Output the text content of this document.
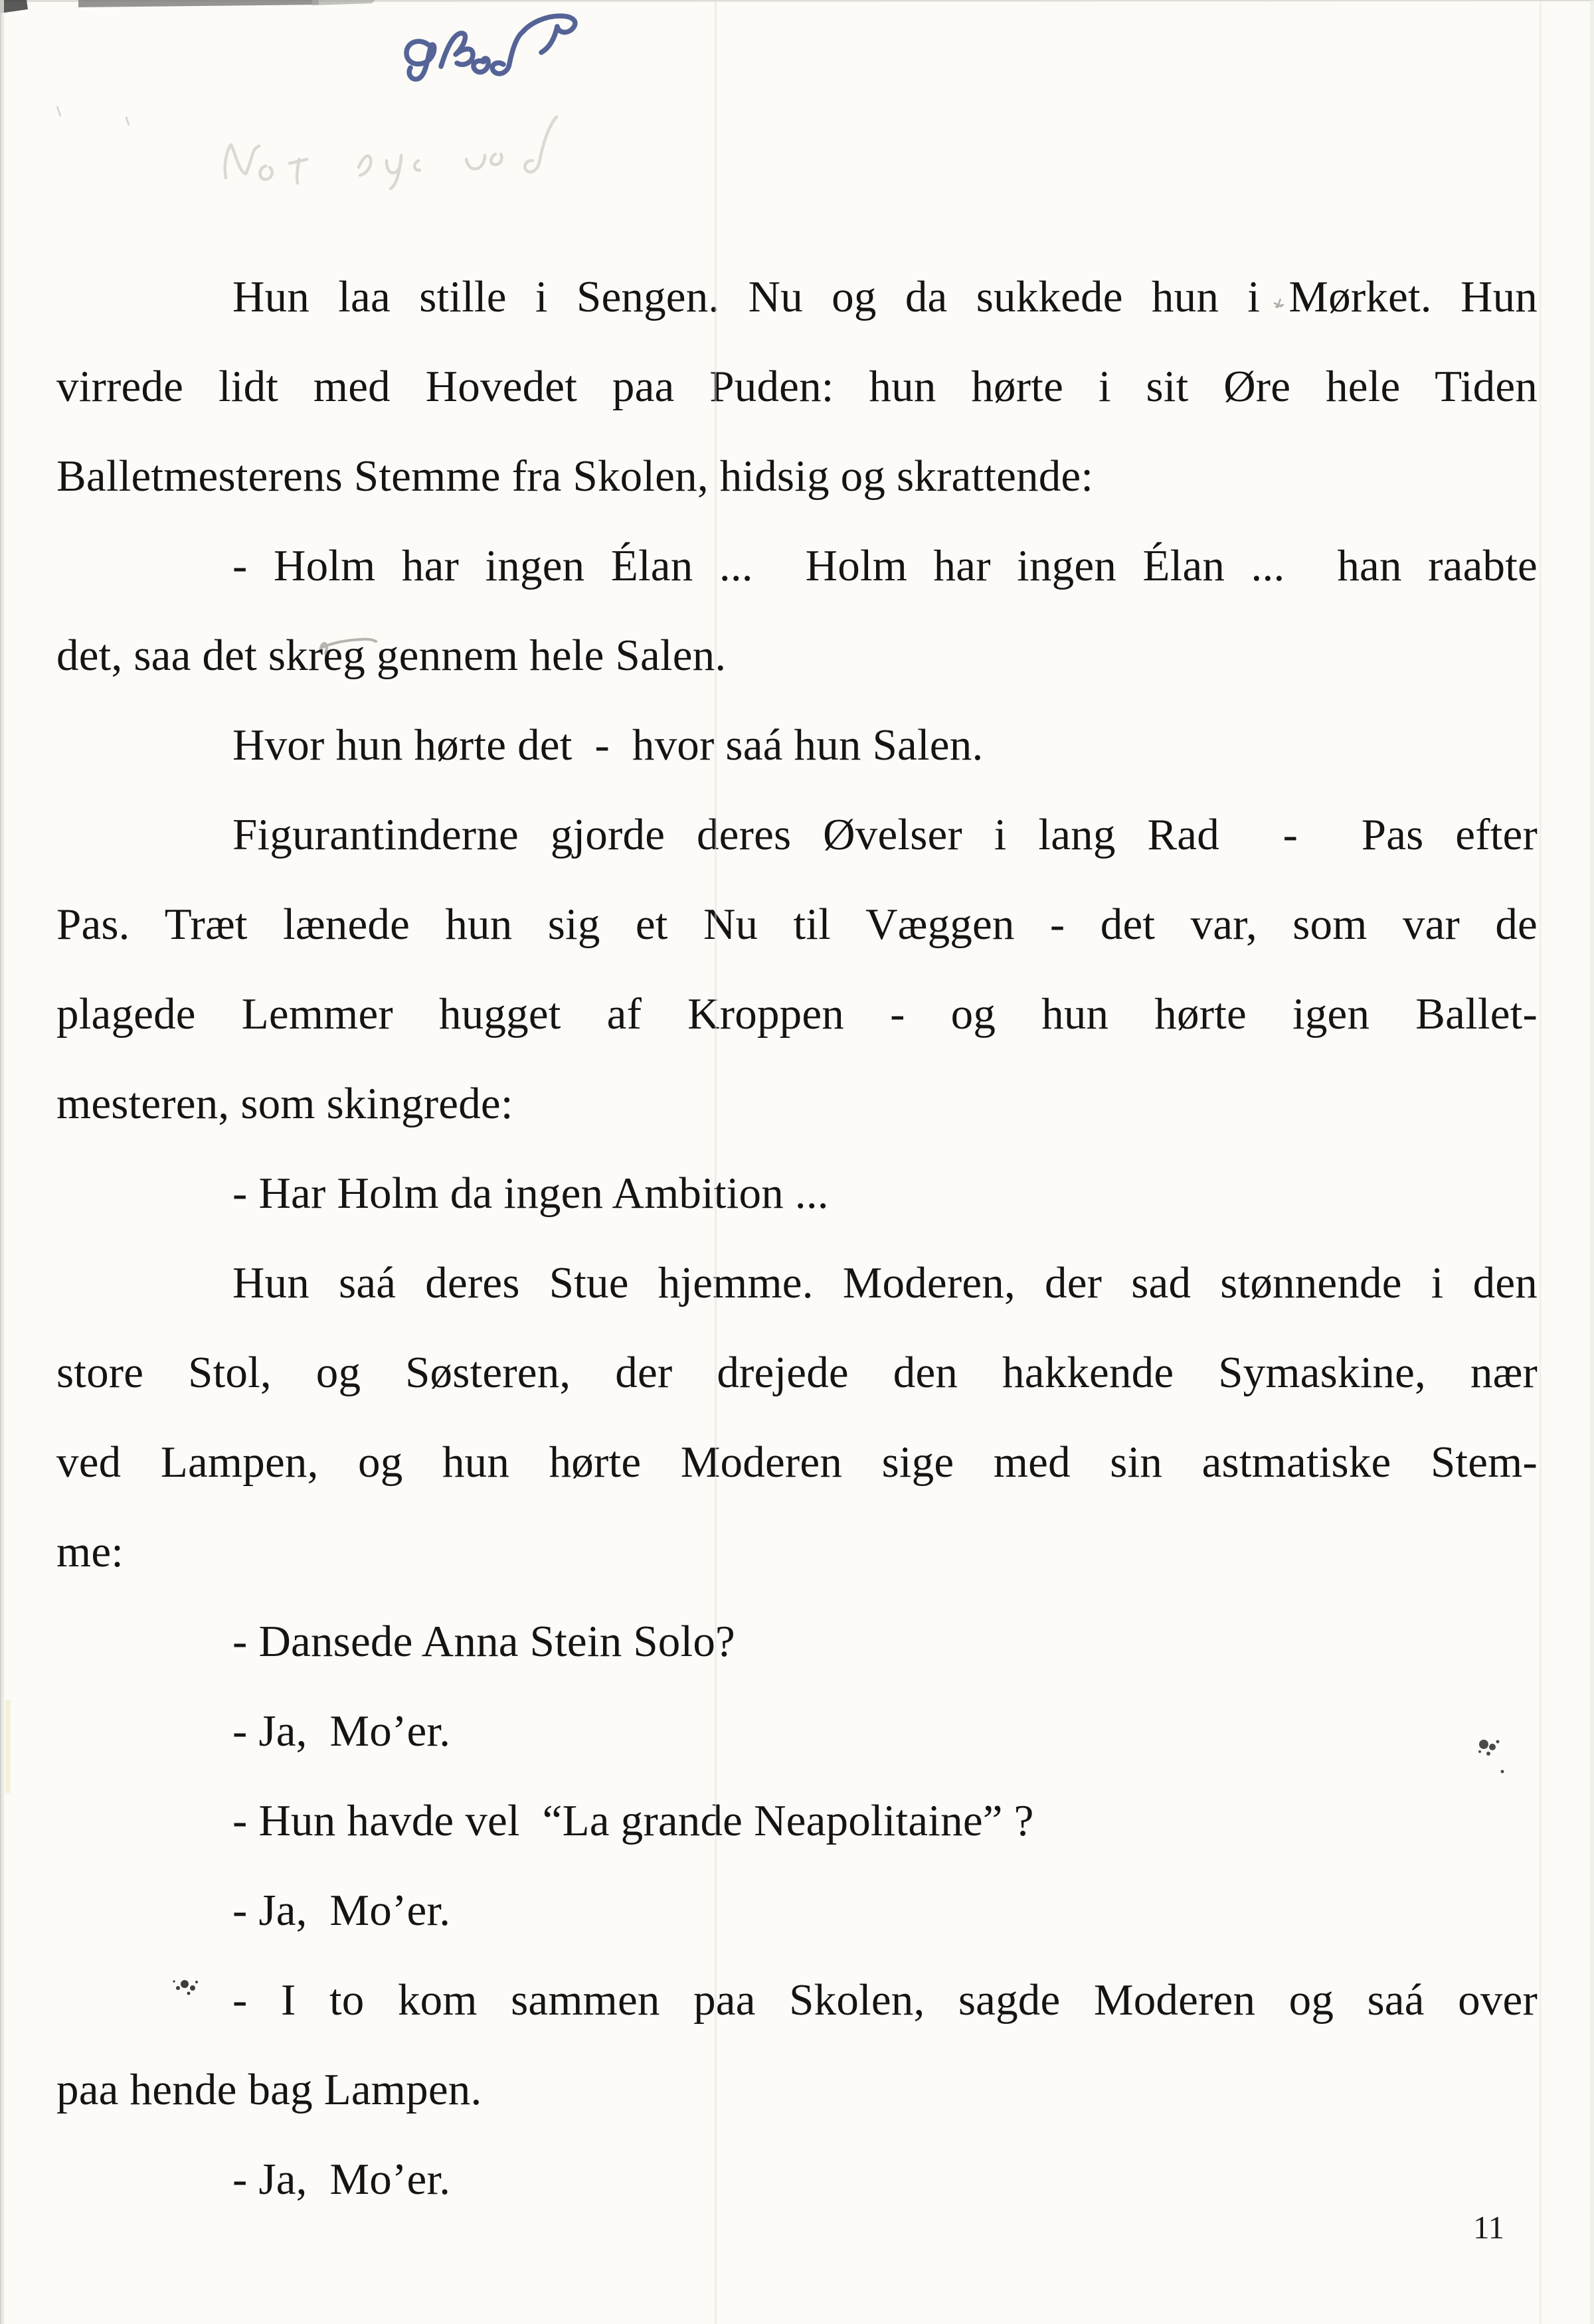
Hun laa stille i Sengen. Nu og da sukkede hun i Mørket. Hun
virrede lidt med Hovedet paa Puden: hun hørte i sit Øre hele Tiden
Balletmesterens Stemme fra Skolen, hidsig og skrattende:
- Holm har ingen Élan ...  Holm har ingen Élan ...  han raabte
det, saa det skreg gennem hele Salen.
Hvor hun hørte det  -  hvor saá hun Salen.
Figurantinderne gjorde deres Øvelser i lang Rad  -  Pas efter
Pas. Træt lænede hun sig et Nu til Væggen - det var, som var de
plagede Lemmer hugget af Kroppen - og hun hørte igen Ballet-
mesteren, som skingrede:
- Har Holm da ingen Ambition ...
Hun saá deres Stue hjemme. Moderen, der sad stønnende i den
store Stol, og Søsteren, der drejede den hakkende Symaskine, nær
ved Lampen, og hun hørte Moderen sige med sin astmatiske Stem-
me:
- Dansede Anna Stein Solo?
- Ja,  Mo’er.
- Hun havde vel  “La grande Neapolitaine” ?
- Ja,  Mo’er.
- I to kom sammen paa Skolen, sagde Moderen og saá over
paa hende bag Lampen.
- Ja,  Mo’er.
11
